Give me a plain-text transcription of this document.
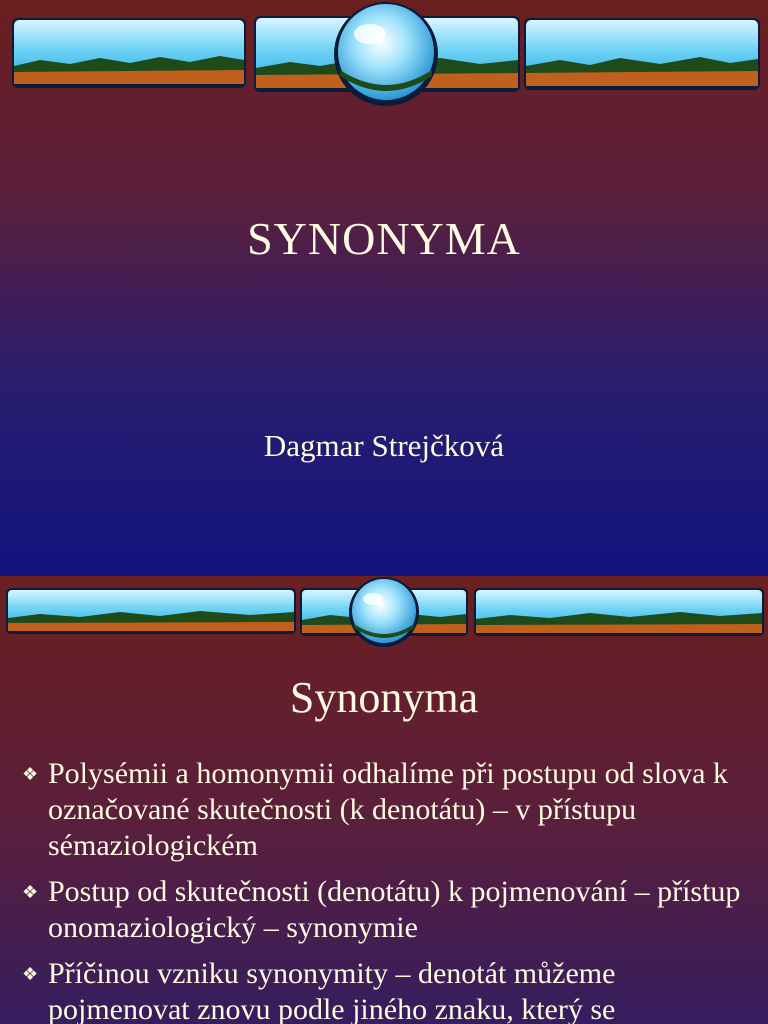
SYNONYMA
Dagmar Strejčková
Synonyma
❖ Polysémii a homonymii odhalíme při postupu od slova k označované skutečnosti (k denotátu) – v přístupu sémaziologickém
❖ Postup od skutečnosti (denotátu) k pojmenování – přístup onomaziologický – synonymie
❖ Příčinou vzniku synonymity – denotát můžeme pojmenovat znovu podle jiného znaku, který se
